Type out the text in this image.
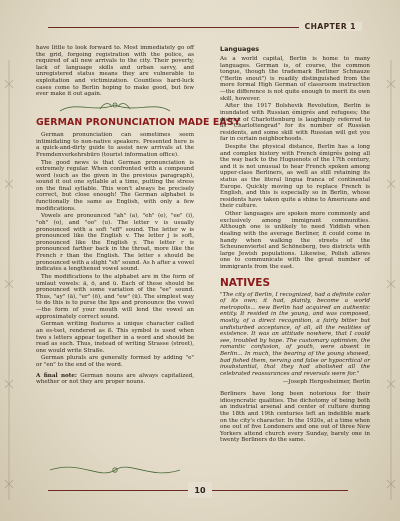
CHAPTER 1

have little to look forward to. Most immediately go off the grid, forgoing registration with the police, as required of all new arrivals to the city. Their poverty, lack of language skills and urban savvy, and unregistered status means they are vulnerable to exploitation and victimization. Countless hard-luck cases come to Berlin hoping to make good, but few ever make it out again.

GERMAN PRONUNCIATION MADE EASY

German pronunciation can sometimes seem intimidating to non-native speakers. Presented here is a quick-and-dirty guide to assist new arrivals at the Fremdenverkehrsbüro (tourist information office).

The good news is that German pronunciation is extremely regular. When confronted with a compound word (such as the given in the previous paragraph), sound it out one syllable at a time, putting the stress on the final syllable. This won't always be precisely correct, but close enough! The German alphabet is functionally the same as English, with only a few modifications.

Vowels are pronounced "ah" (a), "eh" (e), "ee" (i), "oh" (o), and "oo" (u). The letter v is usually pronounced with a soft "eff" sound. The letter w is pronounced like the English v. The letter j is soft, pronounced like the English y. The letter r is pronounced farther back in the throat, more like the French r than the English. The letter s should be pronounced with a slight "sh" sound. As h after a vowel indicates a lengthened vowel sound.

The modifications to the alphabet are in the form of umlaut vowels: ä, ö, and ü. Each of these should be pronounced with some variation of the "ee" sound. Thus, "ay" (ä), "er" (ö), and "ew" (ü). The simplest way to do this is to purse the lips and pronounce the vowel—the form of your mouth will lend the vowel an approximately correct sound.

German writing features a unique character called an es-tset, rendered as ß. This symbol is used when two s letters appear together in a word and should be read as such. Thus, instead of writing Strasse (street), one would write Straße.

German plurals are generally formed by adding "e" or "en" to the end of the word.

A final note: German nouns are always capitalized, whether or not they are proper nouns.

Languages

As a world capital, Berlin is home to many languages. German is, of course, the common tongue, though the trademark Berliner Schnauze ("Berlin snout") is readily distinguished from the more formal High German of classroom instruction—the difference is not quite enough to merit its own skill, however.

After the 1917 Bolshevik Revolution, Berlin is inundated with Russian émigrés and refugees; the district of Charlottenburg is laughingly referred to as "Charlottengrad" for its number of Russian residents, and some skill with Russian will get you far in certain neighborhoods.

Despite the physical distance, Berlin has a long and complex history with French émigrés going all the way back to the Huguenots of the 17th century, and it is not unusual to hear French spoken among upper-class Berliners, as well as still retaining its status as the literal lingua franca of continental Europe. Quickly moving up to replace French is English, and this is especially so in Berlin, whose residents have taken quite a shine to Americans and their culture.

Other languages are spoken more commonly and exclusively among immigrant communities. Although one is unlikely to need Yiddish when dealing with the average Berliner, it could come in handy when walking the streets of the Scheunenviertel and Schöneberg, two districts with large Jewish populations. Likewise, Polish allows one to communicate with the great number of immigrants from the east.

NATIVES

"The city of Berlin, I recognized, had a definite color of its own; it had, plainly, become a world metropolis... new Berlin had acquired an authentic entity. It resided in the young, and was composed, mostly, of a direct recognition, a fairly bitter but undisturbed acceptance, of all, all the realities of existence. It was an attitude nowhere, that I could see, troubled by hope. The customary optimism, the romantic confusion, of youth, were absent in Berlin... In much, the bearing of the young showed, bad fished them, nerving and false or hypocritical or insubstantial, that they had abolished all the celebrated reassurances and reversals were for."

—Joseph Hergesheimer, Berlin

Berliners have long been notorious for their idiosyncratic qualities. The dichotomy of being both an industrial arsenal and center of culture during the 18th and 19th centuries left an indelible mark on the city's character. In the 1920s, at a time when one out of five Londoners and one out of three New Yorkers attend church every Sunday, barely one in twenty Berliners do the same.

10
